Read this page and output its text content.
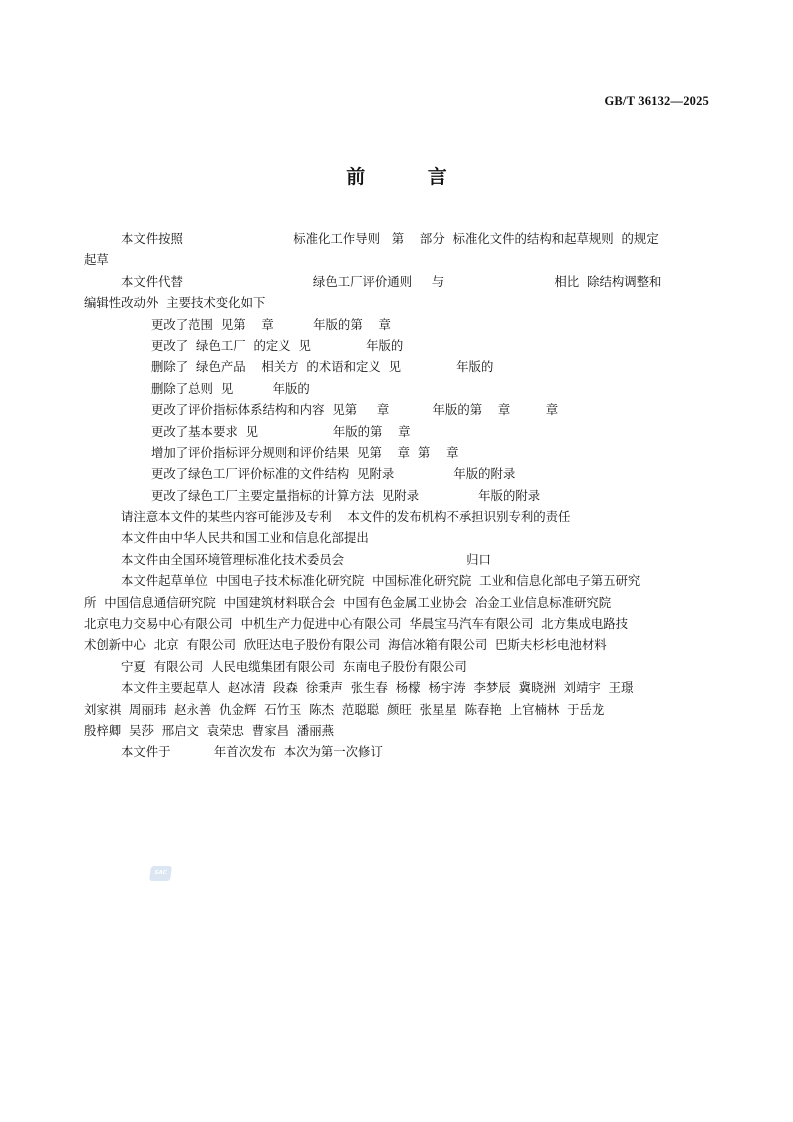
GB/T 36132—2025
前 言
本文件按照                            标准化工作导则   第    部分  标准化文件的结构和起草规则  的规定
起草
本文件代替                                 绿色工厂评价通则     与                            相比  除结构调整和
编辑性改动外  主要技术变化如下
更改了范围  见第    章          年版的第    章
更改了  绿色工厂  的定义  见              年版的
删除了  绿色产品    相关方  的术语和定义  见              年版的
删除了总则  见          年版的
更改了评价指标体系结构和内容  见第     章           年版的第    章         章
更改了基本要求  见                   年版的第    章
增加了评价指标评分规则和评价结果  见第    章  第    章
更改了绿色工厂评价标准的文件结构  见附录               年版的附录
更改了绿色工厂主要定量指标的计算方法  见附录               年版的附录
请注意本文件的某些内容可能涉及专利    本文件的发布机构不承担识别专利的责任
本文件由中华人民共和国工业和信息化部提出
本文件由全国环境管理标准化技术委员会                               归口
本文件起草单位  中国电子技术标准化研究院  中国标准化研究院  工业和信息化部电子第五研究
所  中国信息通信研究院  中国建筑材料联合会  中国有色金属工业协会  冶金工业信息标准研究院
北京电力交易中心有限公司  中机生产力促进中心有限公司  华晨宝马汽车有限公司  北方集成电路技
术创新中心  北京  有限公司  欣旺达电子股份有限公司  海信冰箱有限公司  巴斯夫杉杉电池材料
宁夏  有限公司  人民电缆集团有限公司  东南电子股份有限公司
本文件主要起草人  赵冰清  段森  徐秉声  张生春  杨檬  杨宇涛  李梦辰  冀晓洲  刘靖宇  王璟
刘家祺  周丽玮  赵永善  仇金辉  石竹玉  陈杰  范聪聪  颜旺  张星星  陈春艳  上官楠林  于岳龙
殷梓卿  吴莎  邢启文  袁荣忠  曹家昌  潘丽燕
本文件于           年首次发布  本次为第一次修订
SAC
